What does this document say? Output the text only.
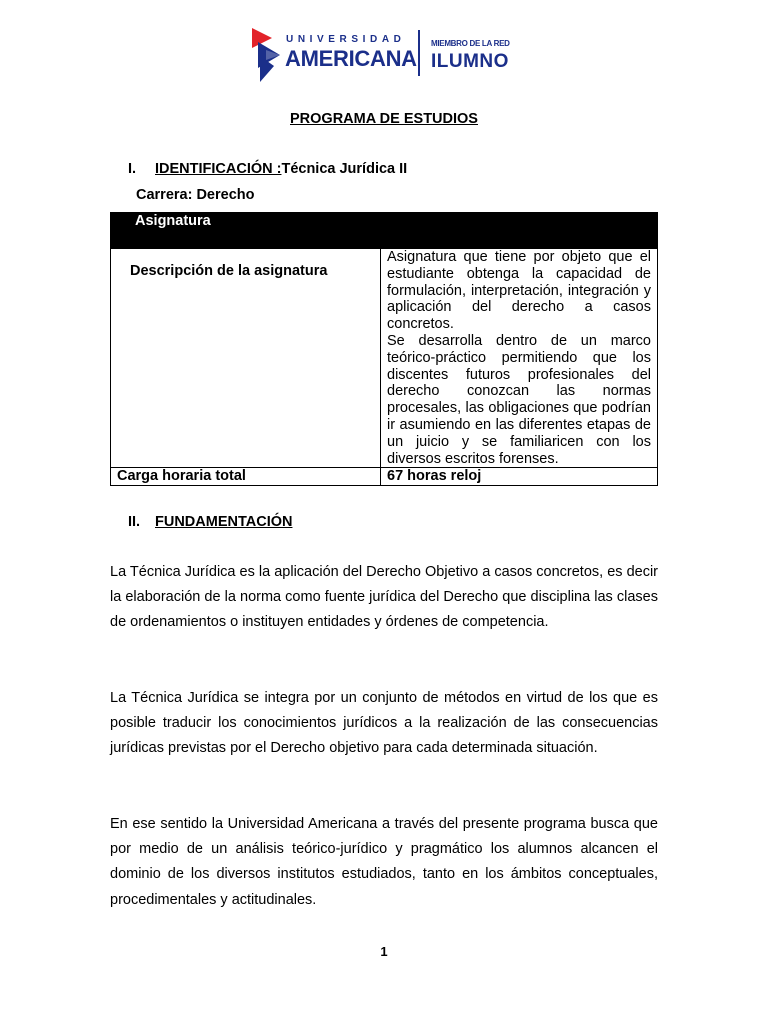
UNIVERSIDAD
AMERICANA
MIEMBRO DE LA RED
ILUMNO
PROGRAMA DE ESTUDIOS
I. IDENTIFICACIÓN :Técnica Jurídica II
Carrera: Derecho
Asignatura	
Descripción de la asignatura	Asignatura que tiene por objeto que el estudiante obtenga la capacidad de formulación, interpretación, integración y aplicación del derecho a casos concretos.

Se desarrolla dentro de un marco teórico-práctico permitiendo que los discentes futuros profesionales del derecho conozcan las normas procesales, las obligaciones que podrían ir asumiendo en las diferentes etapas de un juicio y se familiaricen con los diversos escritos forenses.

Carga horaria total	67 horas reloj
II. FUNDAMENTACIÓN

La Técnica Jurídica es la aplicación del Derecho Objetivo a casos concretos, es decir la elaboración de la norma como fuente jurídica del Derecho que disciplina las clases de ordenamientos o instituyen entidades y órdenes de competencia.

La Técnica Jurídica se integra por un conjunto de métodos en virtud de los que es posible traducir los conocimientos jurídicos a la realización de las consecuencias jurídicas previstas por el Derecho objetivo para cada determinada situación.

En ese sentido la Universidad Americana a través del presente programa busca que por medio de un análisis teórico-jurídico y pragmático los alumnos alcancen el dominio de los diversos institutos estudiados, tanto en los ámbitos conceptuales, procedimentales y actitudinales.

1
